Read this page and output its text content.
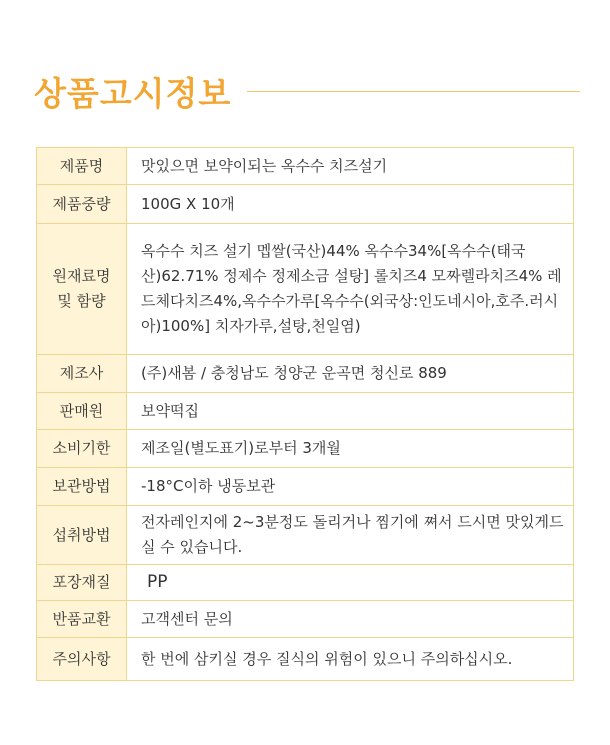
상품고시정보
제품명	맛있으면 보약이되는 옥수수 치즈설기

제품중량	100G X 10개

원재료명
및 함량	옥수수 치즈 설기 멥쌀(국산)44% 옥수수34%[옥수수(태국산)62.71% 정제수 정제소금 설탕] 롤치즈4 모짜렐라치즈4% 레드체다치즈4%,옥수수가루[옥수수(외국상:인도네시아,호주.러시아)100%] 치자가루,설탕,천일염)

제조사	(주)새봄 / 충청남도 청양군 운곡면 청신로 889

판매원	보약떡집

소비기한	제조일(별도표기)로부터 3개월

보관방법	-18°C이하 냉동보관

섭취방법	전자레인지에 2~3분정도 돌리거나 찜기에 쪄서 드시면 맛있게드실 수 있습니다.

포장재질	PP

반품교환	고객센터 문의

주의사항	한 번에 삼키실 경우 질식의 위험이 있으니 주의하십시오.
